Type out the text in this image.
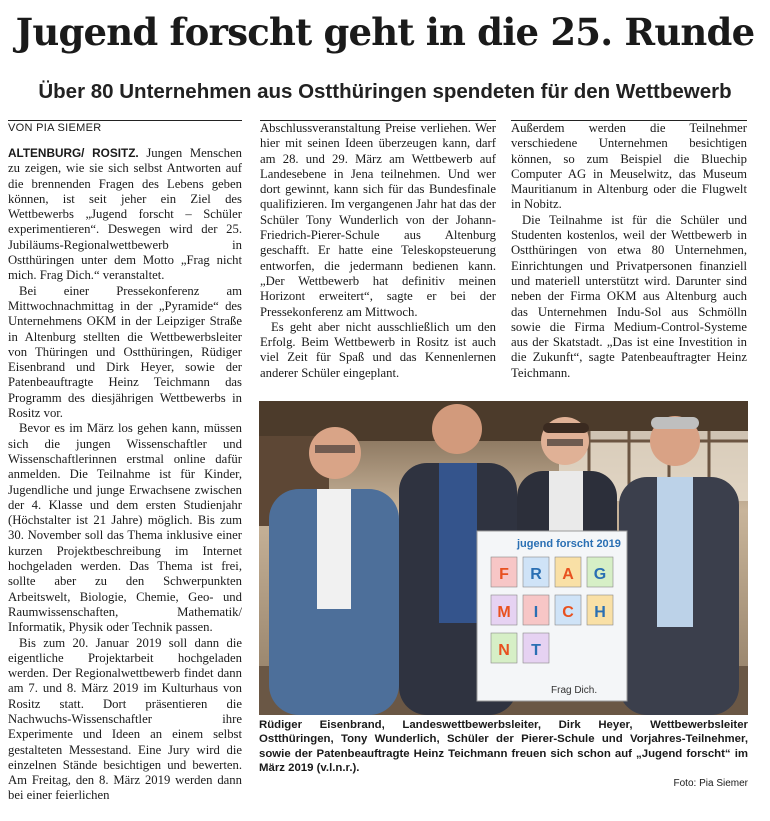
Jugend forscht geht in die 25. Runde
Über 80 Unternehmen aus Ostthüringen spendeten für den Wettbewerb
VON PIA SIEMER

ALTENBURG/ ROSITZ. Jungen Menschen zu zeigen, wie sie sich selbst Antworten auf die brennenden Fragen des Lebens geben können, ist seit jeher ein Ziel des Wettbewerbs „Jugend forscht – Schüler experimentieren“. Deswegen wird der 25. Jubiläums-Regionalwettbewerb in Ostthüringen unter dem Motto „Frag nicht mich. Frag Dich.“ veranstaltet.

Bei einer Pressekonferenz am Mittwochnachmittag in der „Pyramide“ des Unternehmens OKM in der Leipziger Straße in Altenburg stellten die Wettbewerbsleiter von Thüringen und Ostthüringen, Rüdiger Eisenbrand und Dirk Heyer, sowie der Patenbeauftragte Heinz Teichmann das Programm des diesjährigen Wettbewerbs in Rositz vor.

Bevor es im März los gehen kann, müssen sich die jungen Wissenschaftler und Wissenschaftlerinnen erstmal online dafür anmelden. Die Teilnahme ist für Kinder, Jugendliche und junge Erwachsene zwischen der 4. Klasse und dem ersten Studienjahr (Höchstalter ist 21 Jahre) möglich. Bis zum 30. November soll das Thema inklusive einer kurzen Projektbeschreibung im Internet hochgeladen werden. Das Thema ist frei, sollte aber zu den Schwerpunkten Arbeitswelt, Biologie, Chemie, Geo- und Raumwissenschaften, Mathematik/ Informatik, Physik oder Technik passen.

Bis zum 20. Januar 2019 soll dann die eigentliche Projektarbeit hochgeladen werden. Der Regionalwettbewerb findet dann am 7. und 8. März 2019 im Kulturhaus von Rositz statt. Dort präsentieren die Nachwuchs-Wissenschaftler ihre Experimente und Ideen an einem selbst gestalteten Messestand. Eine Jury wird die einzelnen Stände besichtigen und bewerten. Am Freitag, den 8. März 2019 werden dann bei einer feierlichen

Abschlussveranstaltung Preise verliehen. Wer hier mit seinen Ideen überzeugen kann, darf am 28. und 29. März am Wettbewerb auf Landesebene in Jena teilnehmen. Und wer dort gewinnt, kann sich für das Bundesfinale qualifizieren. Im vergangenen Jahr hat das der Schüler Tony Wunderlich von der Johann-Friedrich-Pierer-Schule aus Altenburg geschafft. Er hatte eine Teleskopsteuerung entworfen, die jedermann bedienen kann. „Der Wettbewerb hat definitiv meinen Horizont erweitert“, sagte er bei der Pressekonferenz am Mittwoch.

Es geht aber nicht ausschließlich um den Erfolg. Beim Wettbewerb in Rositz ist auch viel Zeit für Spaß und das Kennenlernen anderer Schüler eingeplant.

Außerdem werden die Teilnehmer verschiedene Unternehmen besichtigen können, so zum Beispiel die Bluechip Computer AG in Meuselwitz, das Museum Mauritianum in Altenburg oder die Flugwelt in Nobitz.

Die Teilnahme ist für die Schüler und Studenten kostenlos, weil der Wettbewerb in Ostthüringen von etwa 80 Unternehmen, Einrichtungen und Privatpersonen finanziell und materiell unterstützt wird. Darunter sind neben der Firma OKM aus Altenburg auch das Unternehmen Indu-Sol aus Schmölln sowie die Firma Medium-Control-Systeme aus der Skatstadt. „Das ist eine Investition in die Zukunft“, sagte Patenbeauftragter Heinz Teichmann.

jugend forscht 2019
F R A G
M I C H
N T
Frag Dich.
Rüdiger Eisenbrand, Landeswettbewerbsleiter, Dirk Heyer, Wettbewerbsleiter Ostthüringen, Tony Wunderlich, Schüler der Pierer-Schule und Vorjahres-Teilnehmer, sowie der Patenbeauftragte Heinz Teichmann freuen sich schon auf „Jugend forscht“ im März 2019 (v.l.n.r.).
Foto: Pia Siemer
